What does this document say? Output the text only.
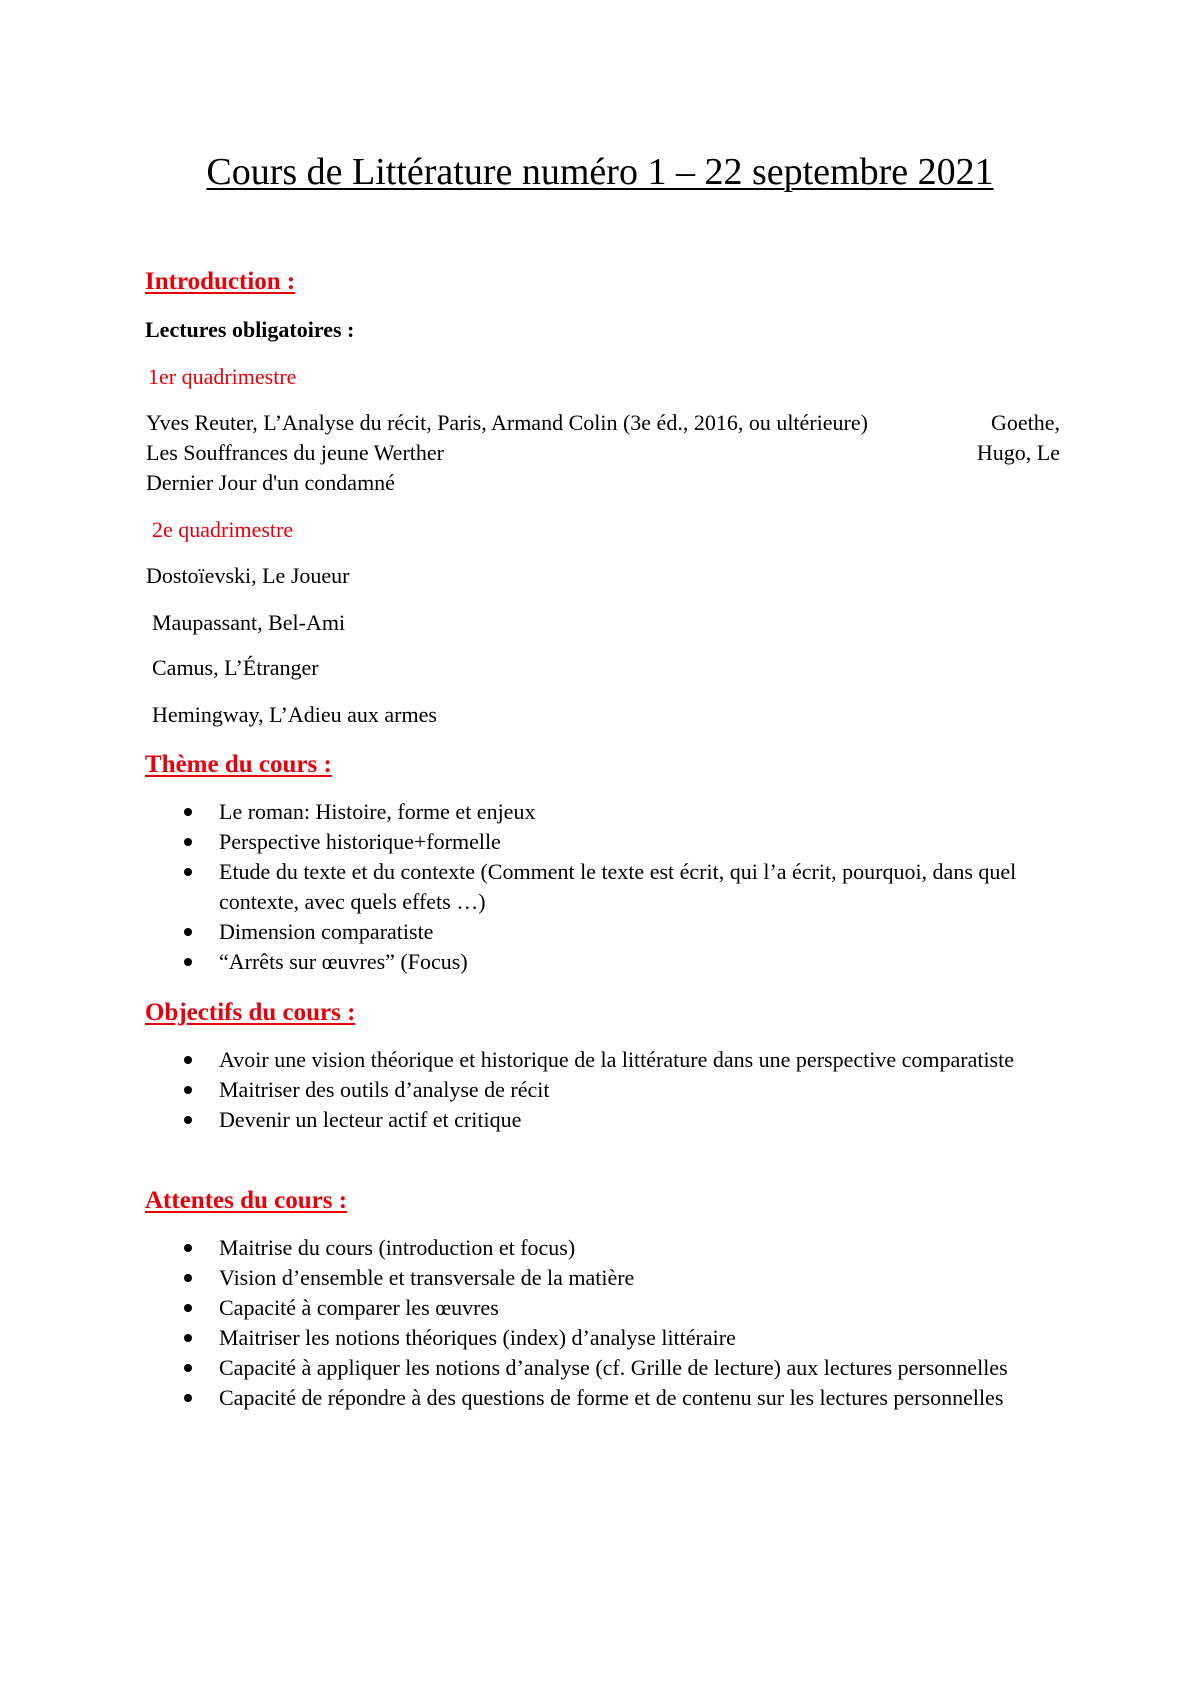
Cours de Littérature numéro 1 – 22 septembre 2021
Introduction :
Lectures obligatoires :
1er quadrimestre
Yves Reuter, L’Analyse du récit, Paris, Armand Colin (3e éd., 2016, ou ultérieure)	Goethe,
Les Souffrances du jeune Werther	Hugo, Le
Dernier Jour d'un condamné
2e quadrimestre
Dostoïevski, Le Joueur
Maupassant, Bel-Ami
Camus, L’Étranger
Hemingway, L’Adieu aux armes
Thème du cours :
Le roman: Histoire, forme et enjeux
Perspective historique+formelle
Etude du texte et du contexte (Comment le texte est écrit, qui l’a écrit, pourquoi, dans quel contexte, avec quels effets …)
Dimension comparatiste
“Arrêts sur œuvres” (Focus)
Objectifs du cours :
Avoir une vision théorique et historique de la littérature dans une perspective comparatiste
Maitriser des outils d’analyse de récit
Devenir un lecteur actif et critique
Attentes du cours :
Maitrise du cours (introduction et focus)
Vision d’ensemble et transversale de la matière
Capacité à comparer les œuvres
Maitriser les notions théoriques (index) d’analyse littéraire
Capacité à appliquer les notions d’analyse (cf. Grille de lecture) aux lectures personnelles
Capacité de répondre à des questions de forme et de contenu sur les lectures personnelles
